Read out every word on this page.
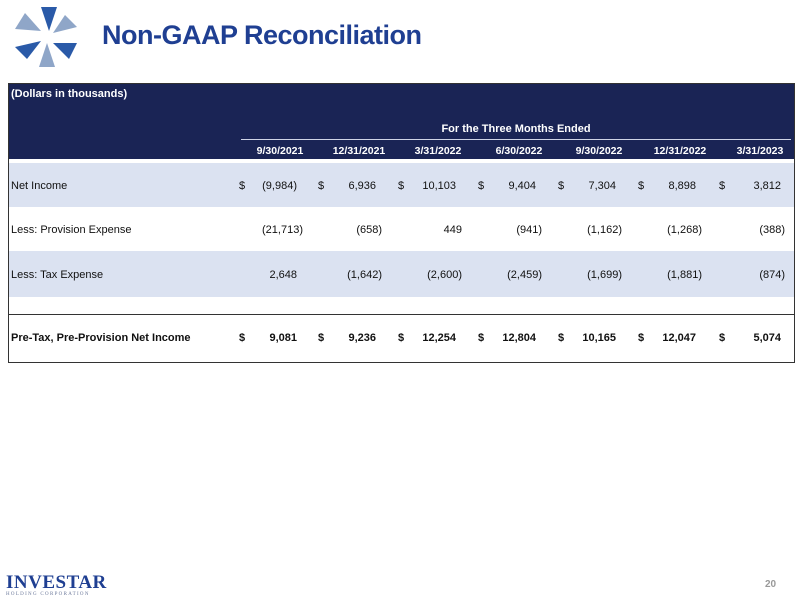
Non-GAAP Reconciliation
(Dollars in thousands)
For the Three Months Ended
9/30/2021	12/31/2021	3/31/2022	6/30/2022	9/30/2022	12/31/2022	3/31/2023
Net Income	$	(9,984) $	6,936 $	10,103 $	9,404 $	7,304 $	8,898 $	3,812
Less: Provision Expense	(21,713)	(658)	449	(941)	(1,162)	(1,268)	(388)
Less: Tax Expense	2,648	(1,642)	(2,600)	(2,459)	(1,699)	(1,881)	(874)
Pre-Tax, Pre-Provision Net Income	$	9,081 $	9,236 $	12,254 $	12,804 $	10,165 $	12,047 $	5,074
INVESTAR
HOLDING CORPORATION
20
